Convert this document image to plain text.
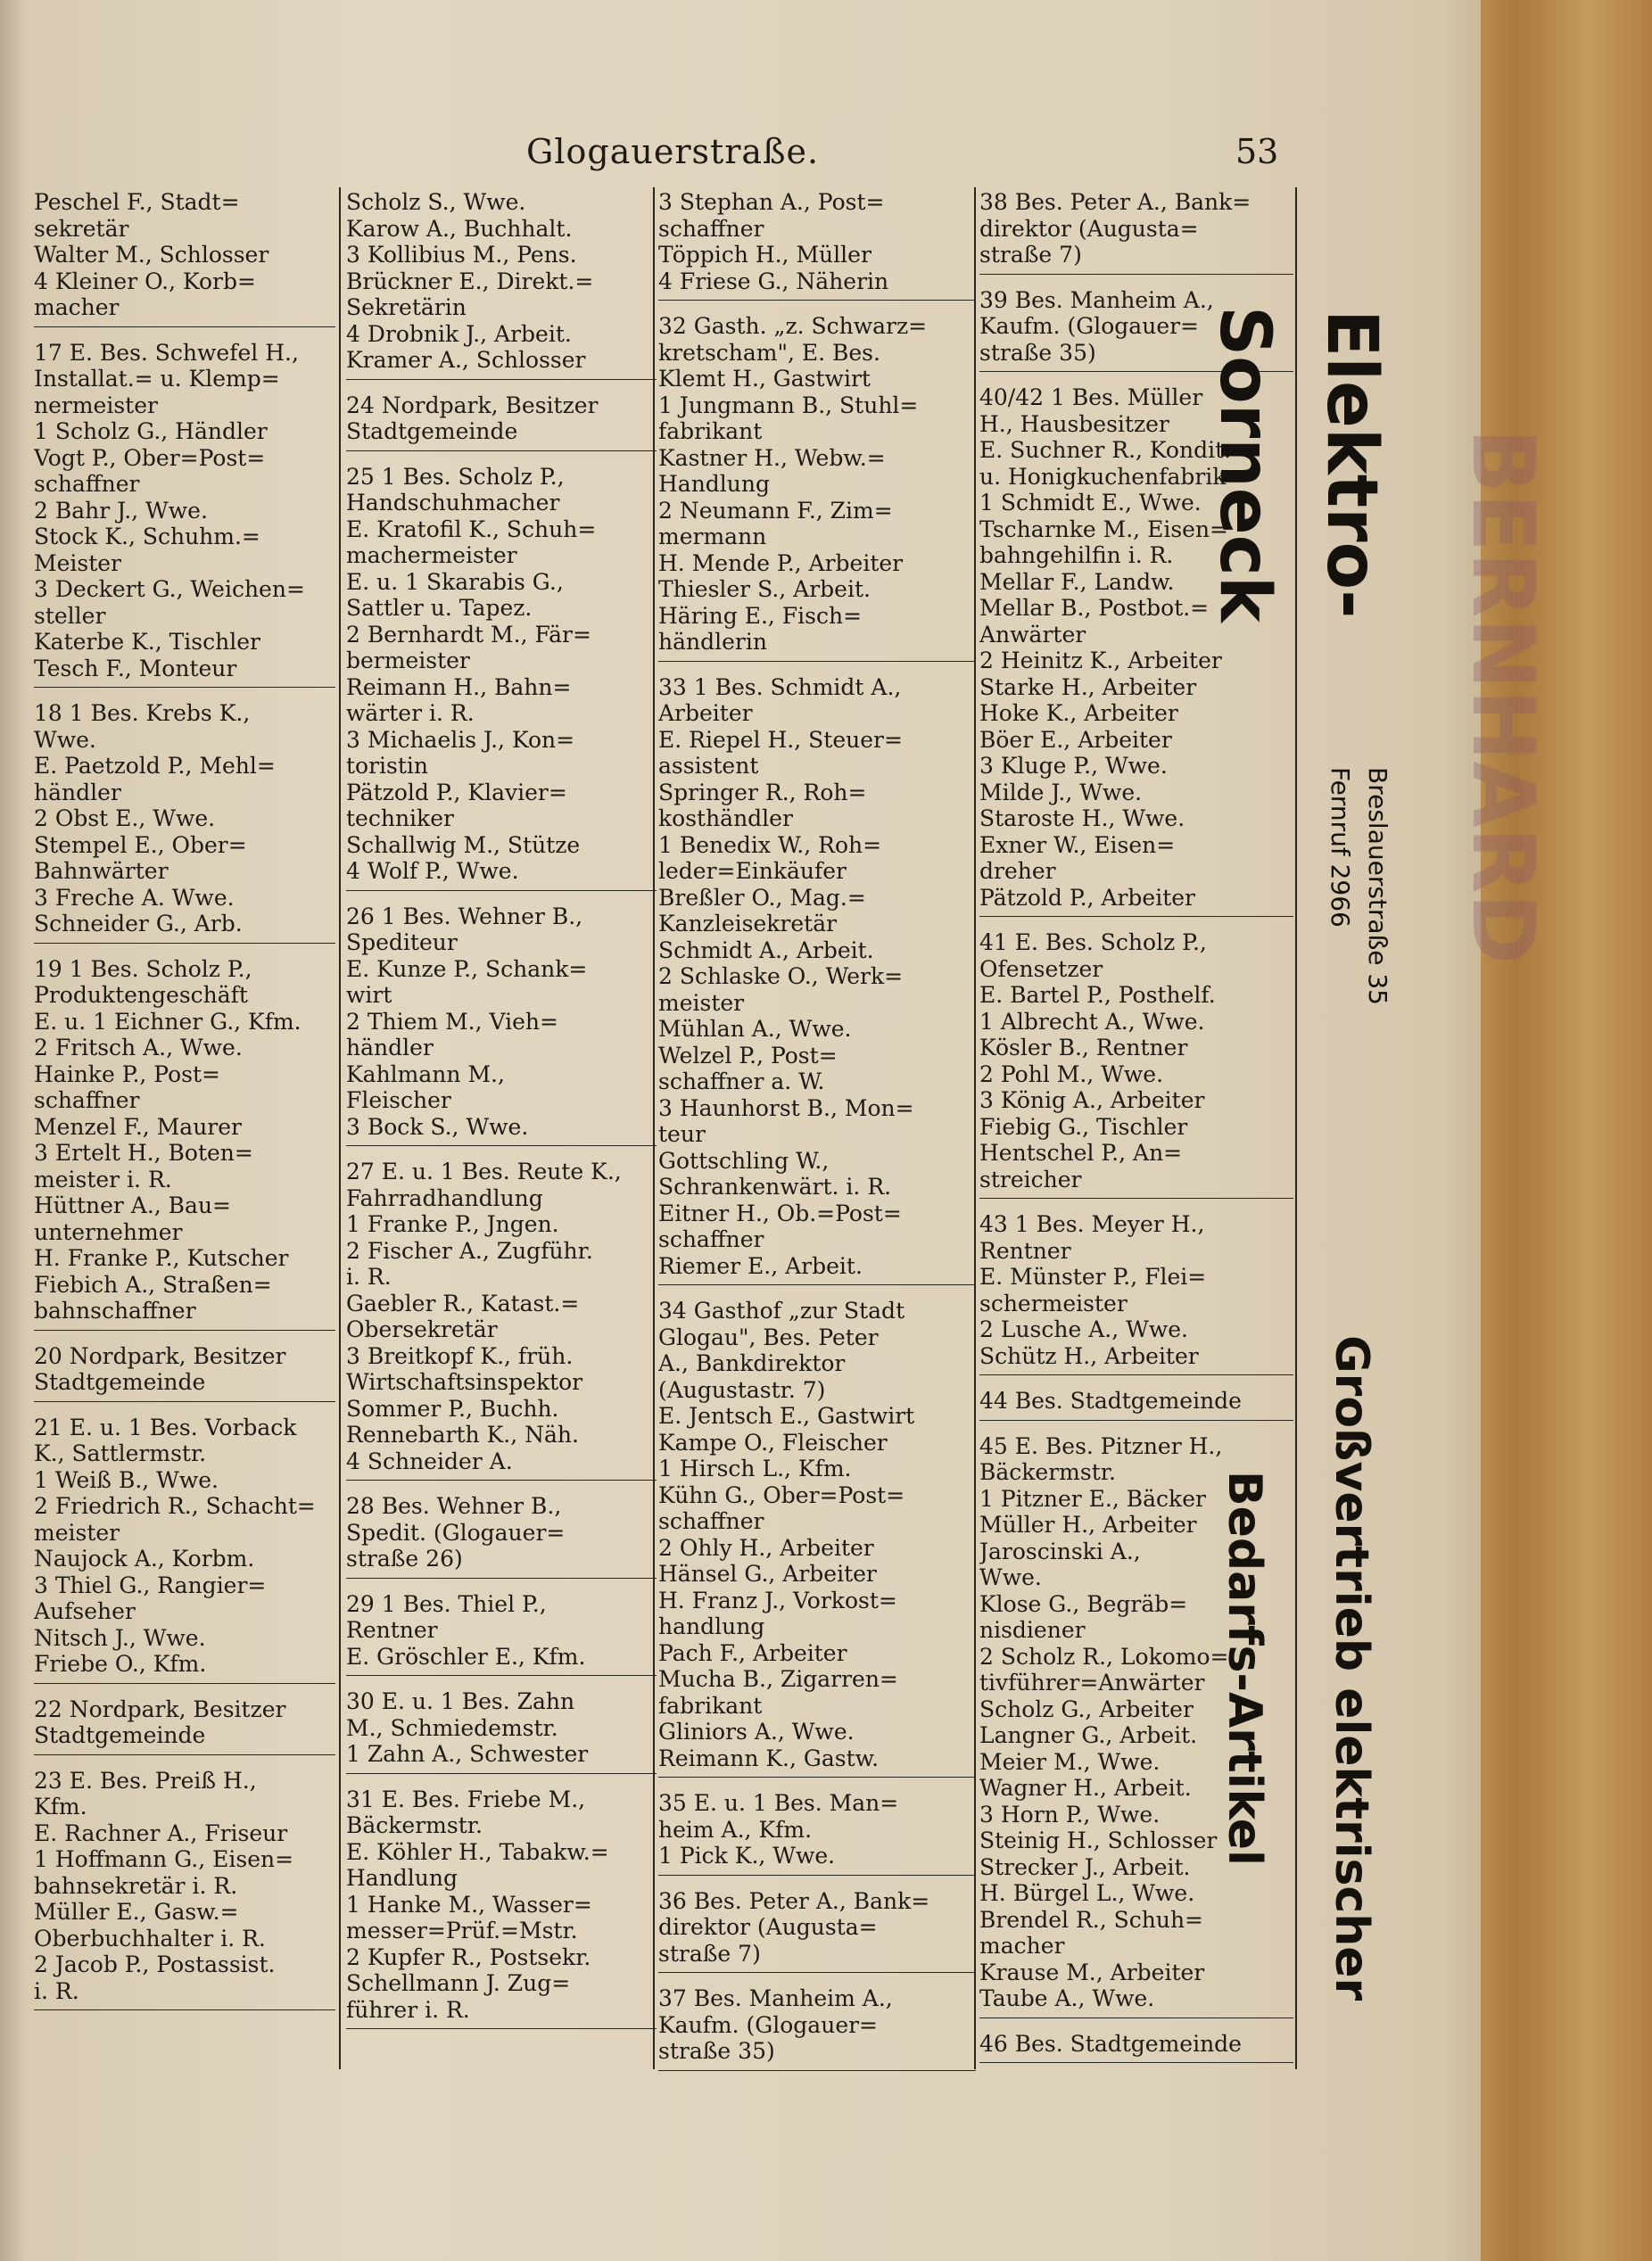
Glogauerstraße.	53
Peschel F., Stadt=
sekretär
Walter M., Schlosser
4 Kleiner O., Korb=
macher
17 E. Bes. Schwefel H.,
Installat.= u. Klemp=
nermeister
1 Scholz G., Händler
Vogt P., Ober=Post=
schaffner
2 Bahr J., Wwe.
Stock K., Schuhm.=
Meister
3 Deckert G., Weichen=
steller
Katerbe K., Tischler
Tesch F., Monteur
18 1 Bes. Krebs K.,
Wwe.
E. Paetzold P., Mehl=
händler
2 Obst E., Wwe.
Stempel E., Ober=
Bahnwärter
3 Freche A. Wwe.
Schneider G., Arb.
19 1 Bes. Scholz P.,
Produktengeschäft
E. u. 1 Eichner G., Kfm.
2 Fritsch A., Wwe.
Hainke P., Post=
schaffner
Menzel F., Maurer
3 Ertelt H., Boten=
meister i. R.
Hüttner A., Bau=
unternehmer
H. Franke P., Kutscher
Fiebich A., Straßen=
bahnschaffner
20 Nordpark, Besitzer
Stadtgemeinde
21 E. u. 1 Bes. Vorback
K., Sattlermstr.
1 Weiß B., Wwe.
2 Friedrich R., Schacht=
meister
Naujock A., Korbm.
3 Thiel G., Rangier=
Aufseher
Nitsch J., Wwe.
Friebe O., Kfm.
22 Nordpark, Besitzer
Stadtgemeinde
23 E. Bes. Preiß H.,
Kfm.
E. Rachner A., Friseur
1 Hoffmann G., Eisen=
bahnsekretär i. R.
Müller E., Gasw.=
Oberbuchhalter i. R.
2 Jacob P., Postassist.
i. R.
Scholz S., Wwe.
Karow A., Buchhalt.
3 Kollibius M., Pens.
Brückner E., Direkt.=
Sekretärin
4 Drobnik J., Arbeit.
Kramer A., Schlosser
24 Nordpark, Besitzer
Stadtgemeinde
25 1 Bes. Scholz P.,
Handschuhmacher
E. Kratofil K., Schuh=
machermeister
E. u. 1 Skarabis G.,
Sattler u. Tapez.
2 Bernhardt M., Fär=
bermeister
Reimann H., Bahn=
wärter i. R.
3 Michaelis J., Kon=
toristin
Pätzold P., Klavier=
techniker
Schallwig M., Stütze
4 Wolf P., Wwe.
26 1 Bes. Wehner B.,
Spediteur
E. Kunze P., Schank=
wirt
2 Thiem M., Vieh=
händler
Kahlmann M.,
Fleischer
3 Bock S., Wwe.
27 E. u. 1 Bes. Reute K.,
Fahrradhandlung
1 Franke P., Jngen.
2 Fischer A., Zugführ.
i. R.
Gaebler R., Katast.=
Obersekretär
3 Breitkopf K., früh.
Wirtschaftsinspektor
Sommer P., Buchh.
Rennebarth K., Näh.
4 Schneider A.
28 Bes. Wehner B.,
Spedit. (Glogauer=
straße 26)
29 1 Bes. Thiel P.,
Rentner
E. Gröschler E., Kfm.
30 E. u. 1 Bes. Zahn
M., Schmiedemstr.
1 Zahn A., Schwester
31 E. Bes. Friebe M.,
Bäckermstr.
E. Köhler H., Tabakw.=
Handlung
1 Hanke M., Wasser=
messer=Prüf.=Mstr.
2 Kupfer R., Postsekr.
Schellmann J. Zug=
führer i. R.
3 Stephan A., Post=
schaffner
Töppich H., Müller
4 Friese G., Näherin
32 Gasth. „z. Schwarz=
kretscham", E. Bes.
Klemt H., Gastwirt
1 Jungmann B., Stuhl=
fabrikant
Kastner H., Webw.=
Handlung
2 Neumann F., Zim=
mermann
H. Mende P., Arbeiter
Thiesler S., Arbeit.
Häring E., Fisch=
händlerin
33 1 Bes. Schmidt A.,
Arbeiter
E. Riepel H., Steuer=
assistent
Springer R., Roh=
kosthändler
1 Benedix W., Roh=
leder=Einkäufer
Breßler O., Mag.=
Kanzleisekretär
Schmidt A., Arbeit.
2 Schlaske O., Werk=
meister
Mühlan A., Wwe.
Welzel P., Post=
schaffner a. W.
3 Haunhorst B., Mon=
teur
Gottschling W.,
Schrankenwärt. i. R.
Eitner H., Ob.=Post=
schaffner
Riemer E., Arbeit.
34 Gasthof „zur Stadt
Glogau", Bes. Peter
A., Bankdirektor
(Augustastr. 7)
E. Jentsch E., Gastwirt
Kampe O., Fleischer
1 Hirsch L., Kfm.
Kühn G., Ober=Post=
schaffner
2 Ohly H., Arbeiter
Hänsel G., Arbeiter
H. Franz J., Vorkost=
handlung
Pach F., Arbeiter
Mucha B., Zigarren=
fabrikant
Gliniors A., Wwe.
Reimann K., Gastw.
35 E. u. 1 Bes. Man=
heim A., Kfm.
1 Pick K., Wwe.
36 Bes. Peter A., Bank=
direktor (Augusta=
straße 7)
37 Bes. Manheim A.,
Kaufm. (Glogauer=
straße 35)
38 Bes. Peter A., Bank=
direktor (Augusta=
straße 7)
39 Bes. Manheim A.,
Kaufm. (Glogauer=
straße 35)
40/42 1 Bes. Müller
H., Hausbesitzer
E. Suchner R., Kondit.
u. Honigkuchenfabrik
1 Schmidt E., Wwe.
Tscharnke M., Eisen=
bahngehilfin i. R.
Mellar F., Landw.
Mellar B., Postbot.=
Anwärter
2 Heinitz K., Arbeiter
Starke H., Arbeiter
Hoke K., Arbeiter
Böer E., Arbeiter
3 Kluge P., Wwe.
Milde J., Wwe.
Staroste H., Wwe.
Exner W., Eisen=
dreher
Pätzold P., Arbeiter
41 E. Bes. Scholz P.,
Ofensetzer
E. Bartel P., Posthelf.
1 Albrecht A., Wwe.
Kösler B., Rentner
2 Pohl M., Wwe.
3 König A., Arbeiter
Fiebig G., Tischler
Hentschel P., An=
streicher
43 1 Bes. Meyer H.,
Rentner
E. Münster P., Flei=
schermeister
2 Lusche A., Wwe.
Schütz H., Arbeiter
44 Bes. Stadtgemeinde
45 E. Bes. Pitzner H.,
Bäckermstr.
1 Pitzner E., Bäcker
Müller H., Arbeiter
Jaroscinski A.,
Wwe.
Klose G., Begräb=
nisdiener
2 Scholz R., Lokomo=
tivführer=Anwärter
Scholz G., Arbeiter
Langner G., Arbeit.
Meier M., Wwe.
Wagner H., Arbeit.
3 Horn P., Wwe.
Steinig H., Schlosser
Strecker J., Arbeit.
H. Bürgel L., Wwe.
Brendel R., Schuh=
macher
Krause M., Arbeiter
Taube A., Wwe.
46 Bes. Stadtgemeinde
Elektro-Sorneck
Breslauerstraße 35
Fernruf 2966
Großvertrieb elektrischer Bedarfs-Artikel
BERNHARD
